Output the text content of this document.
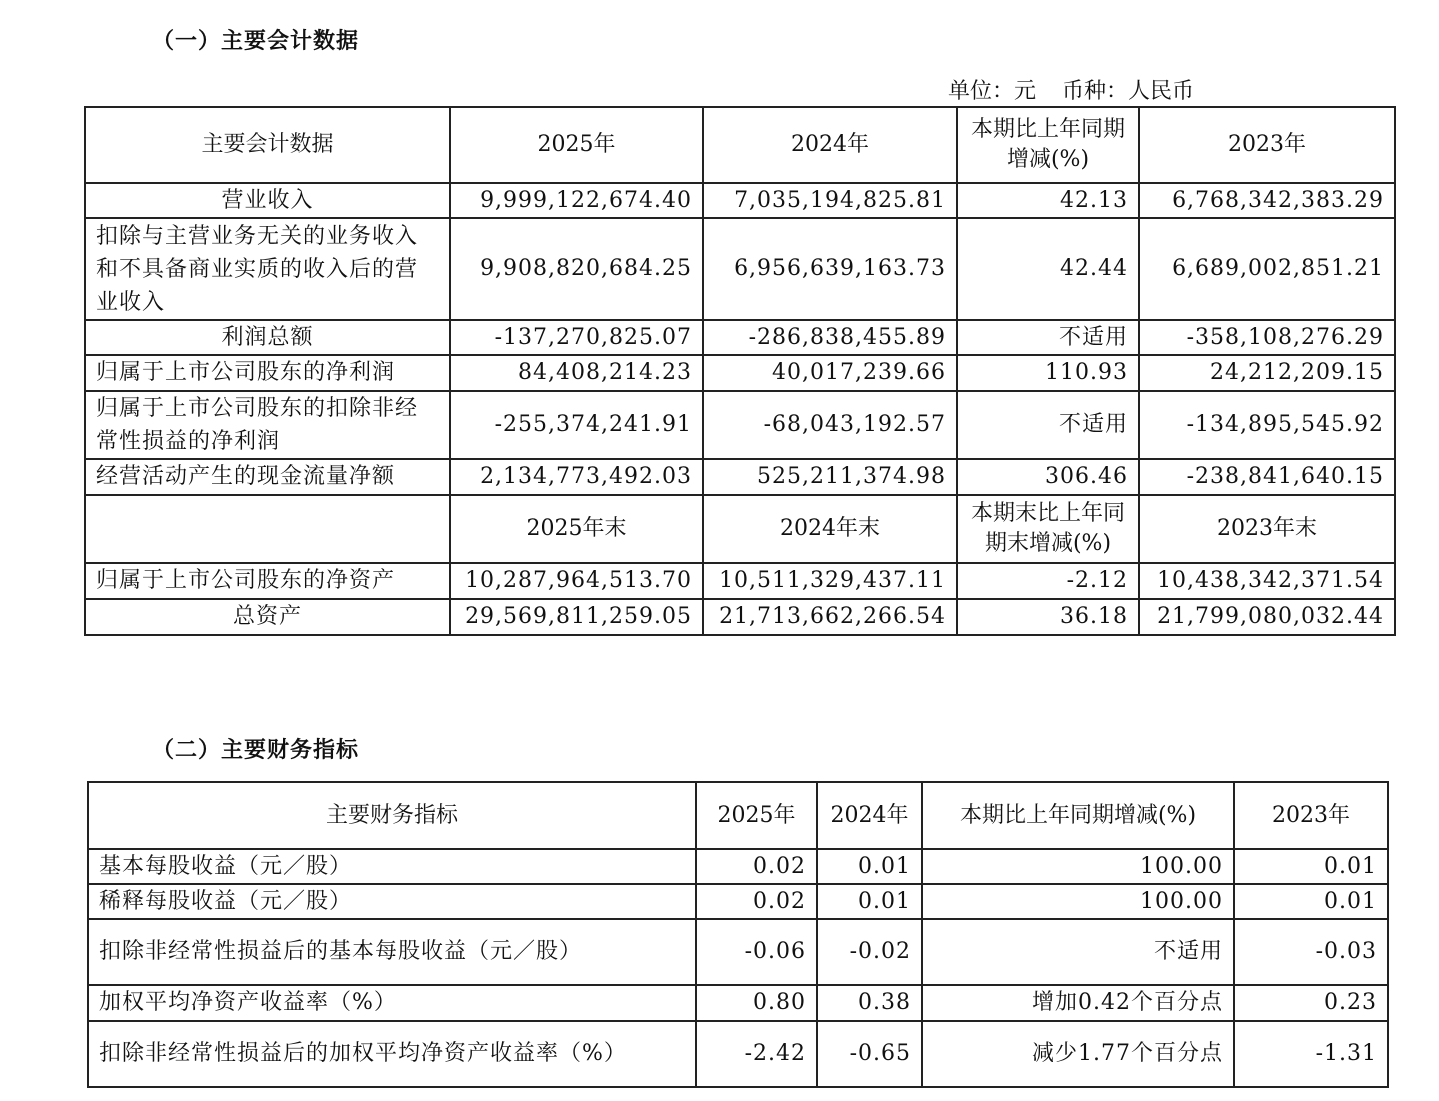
（一）主要会计数据
单位：元 币种：人民币
主要会计数据	2025年	2024年	本期比上年同期增减(%)	2023年
营业收入	9,999,122,674.40	7,035,194,825.81	42.13	6,768,342,383.29
扣除与主营业务无关的业务收入和不具备商业实质的收入后的营业收入	9,908,820,684.25	6,956,639,163.73	42.44	6,689,002,851.21
利润总额	-137,270,825.07	-286,838,455.89	不适用	-358,108,276.29
归属于上市公司股东的净利润	84,408,214.23	40,017,239.66	110.93	24,212,209.15
归属于上市公司股东的扣除非经常性损益的净利润	-255,374,241.91	-68,043,192.57	不适用	-134,895,545.92
经营活动产生的现金流量净额	2,134,773,492.03	525,211,374.98	306.46	-238,841,640.15
	2025年末	2024年末	本期末比上年同期末增减(%)	2023年末
归属于上市公司股东的净资产	10,287,964,513.70	10,511,329,437.11	-2.12	10,438,342,371.54
总资产	29,569,811,259.05	21,713,662,266.54	36.18	21,799,080,032.44
（二）主要财务指标
主要财务指标	2025年	2024年	本期比上年同期增减(%)	2023年
基本每股收益（元／股）	0.02	0.01	100.00	0.01
稀释每股收益（元／股）	0.02	0.01	100.00	0.01
扣除非经常性损益后的基本每股收益（元／股）	-0.06	-0.02	不适用	-0.03
加权平均净资产收益率（%）	0.80	0.38	增加0.42个百分点	0.23
扣除非经常性损益后的加权平均净资产收益率（%）	-2.42	-0.65	减少1.77个百分点	-1.31
